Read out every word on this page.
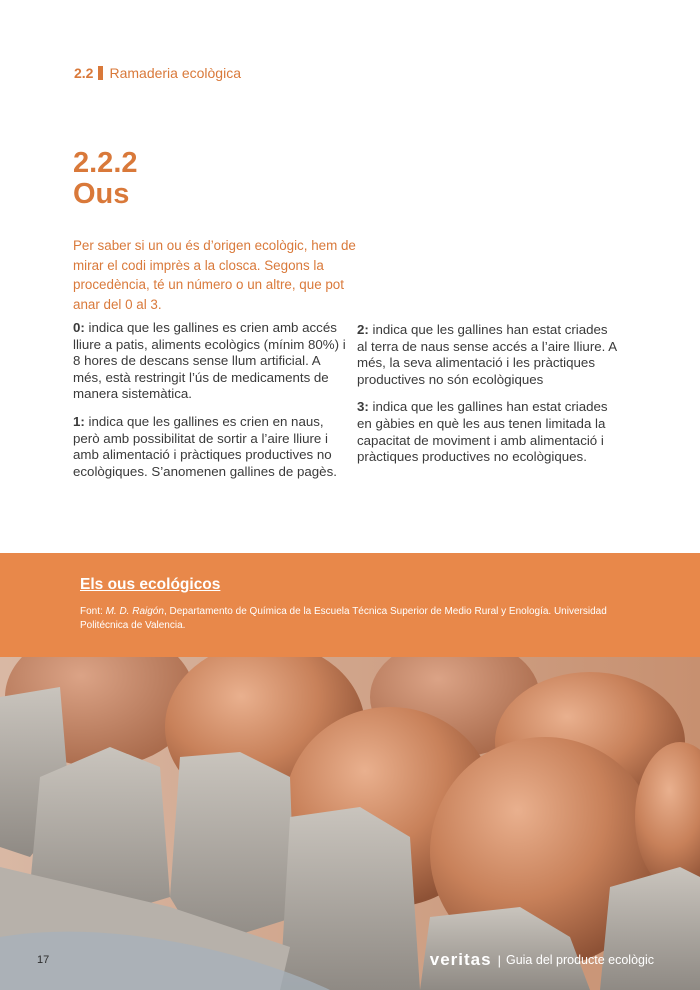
2.2 Ramaderia ecològica
2.2.2
Ous
Per saber si un ou és d’origen ecològic, hem de mirar el codi imprès a la closca. Segons la procedència, té un número o un altre, que pot anar del 0 al 3.

0: indica que les gallines es crien amb accés lliure a patis, aliments ecològics (mínim 80%) i 8 hores de descans sense llum artificial. A més, està restringit l’ús de medicaments de manera sistemàtica.

1: indica que les gallines es crien en naus, però amb possibilitat de sortir a l’aire lliure i amb alimentació i pràctiques productives no ecològiques. S’anomenen gallines de pagès.

2: indica que les gallines han estat criades al terra de naus sense accés a l’aire lliure. A més, la seva alimentació i les pràctiques productives no són ecològiques

3: indica que les gallines han estat criades en gàbies en què les aus tenen limitada la capacitat de moviment i amb alimentació i pràctiques productives no ecològiques.

Els ous ecológicos
Font: M. D. Raigón, Departamento de Química de la Escuela Técnica Superior de Medio Rural y Enología. Universidad Politécnica de Valencia.
17	veritas | Guia del producte ecològic
